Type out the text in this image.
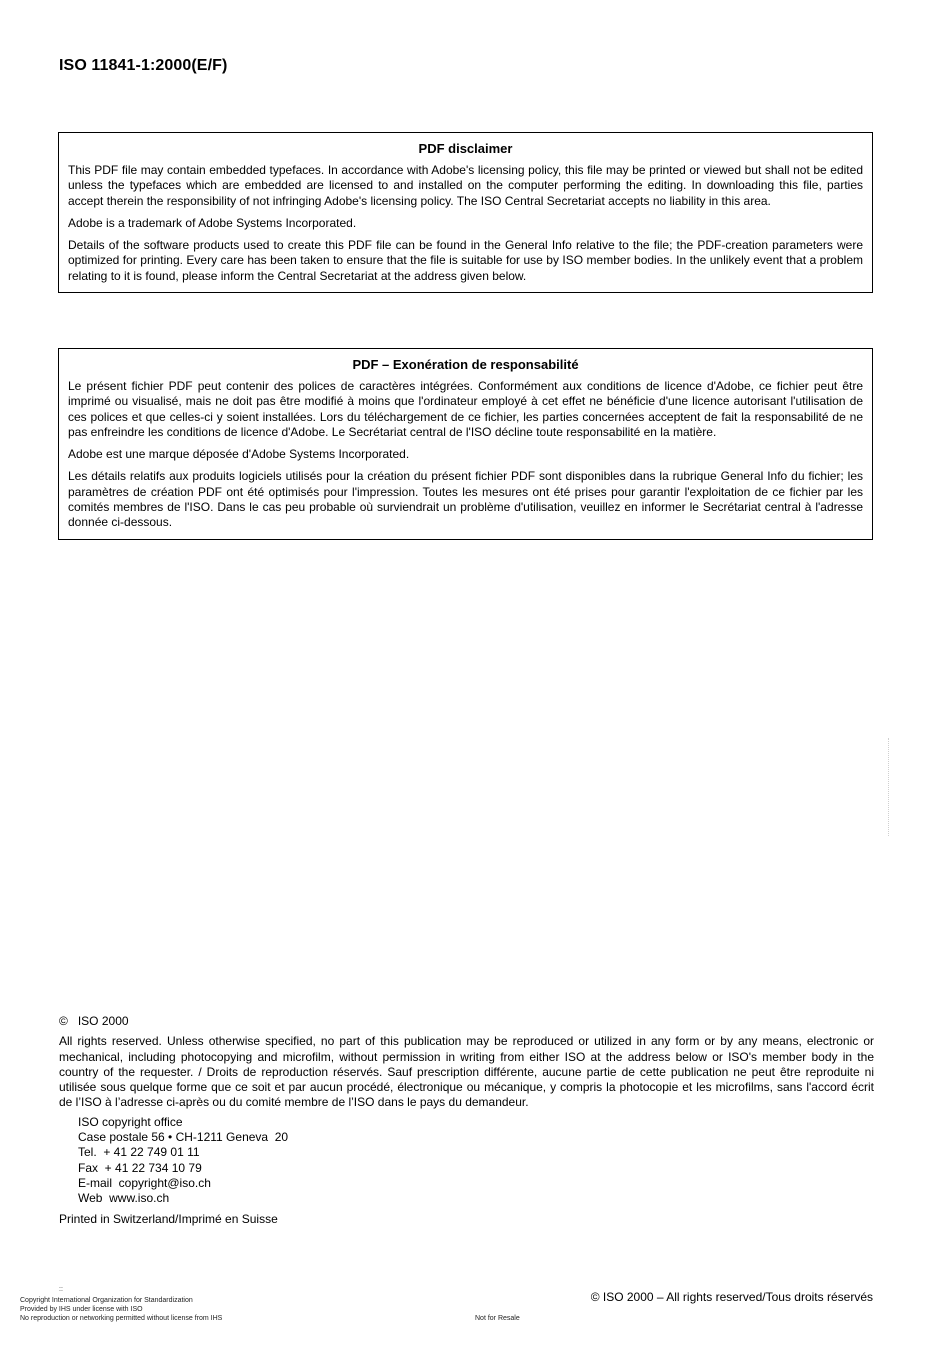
ISO 11841-1:2000(E/F)
PDF disclaimer

This PDF file may contain embedded typefaces. In accordance with Adobe's licensing policy, this file may be printed or viewed but shall not be edited unless the typefaces which are embedded are licensed to and installed on the computer performing the editing. In downloading this file, parties accept therein the responsibility of not infringing Adobe's licensing policy. The ISO Central Secretariat accepts no liability in this area.

Adobe is a trademark of Adobe Systems Incorporated.

Details of the software products used to create this PDF file can be found in the General Info relative to the file; the PDF-creation parameters were optimized for printing. Every care has been taken to ensure that the file is suitable for use by ISO member bodies. In the unlikely event that a problem relating to it is found, please inform the Central Secretariat at the address given below.

PDF – Exonération de responsabilité

Le présent fichier PDF peut contenir des polices de caractères intégrées. Conformément aux conditions de licence d'Adobe, ce fichier peut être imprimé ou visualisé, mais ne doit pas être modifié à moins que l'ordinateur employé à cet effet ne bénéficie d'une licence autorisant l'utilisation de ces polices et que celles-ci y soient installées. Lors du téléchargement de ce fichier, les parties concernées acceptent de fait la responsabilité de ne pas enfreindre les conditions de licence d'Adobe. Le Secrétariat central de l'ISO décline toute responsabilité en la matière.

Adobe est une marque déposée d'Adobe Systems Incorporated.

Les détails relatifs aux produits logiciels utilisés pour la création du présent fichier PDF sont disponibles dans la rubrique General Info du fichier; les paramètres de création PDF ont été optimisés pour l'impression. Toutes les mesures ont été prises pour garantir l'exploitation de ce fichier par les comités membres de l'ISO. Dans le cas peu probable où surviendrait un problème d'utilisation, veuillez en informer le Secrétariat central à l'adresse donnée ci-dessous.

© ISO 2000
All rights reserved. Unless otherwise specified, no part of this publication may be reproduced or utilized in any form or by any means, electronic or mechanical, including photocopying and microfilm, without permission in writing from either ISO at the address below or ISO's member body in the country of the requester. / Droits de reproduction réservés. Sauf prescription différente, aucune partie de cette publication ne peut être reproduite ni utilisée sous quelque forme que ce soit et par aucun procédé, électronique ou mécanique, y compris la photocopie et les microfilms, sans l'accord écrit de l’ISO à l’adresse ci-après ou du comité membre de l’ISO dans le pays du demandeur.
ISO copyright office
Case postale 56 • CH-1211 Geneva  20
Tel.  + 41 22 749 01 11
Fax  + 41 22 734 10 79
E-mail  copyright@iso.ch
Web  www.iso.ch
Printed in Switzerland/Imprimé en Suisse
::
Copyright International Organization for Standardization
Provided by IHS under license with ISO
No reproduction or networking permitted without license from IHS	Not for Resale
© ISO 2000 – All rights reserved/Tous droits réservés
